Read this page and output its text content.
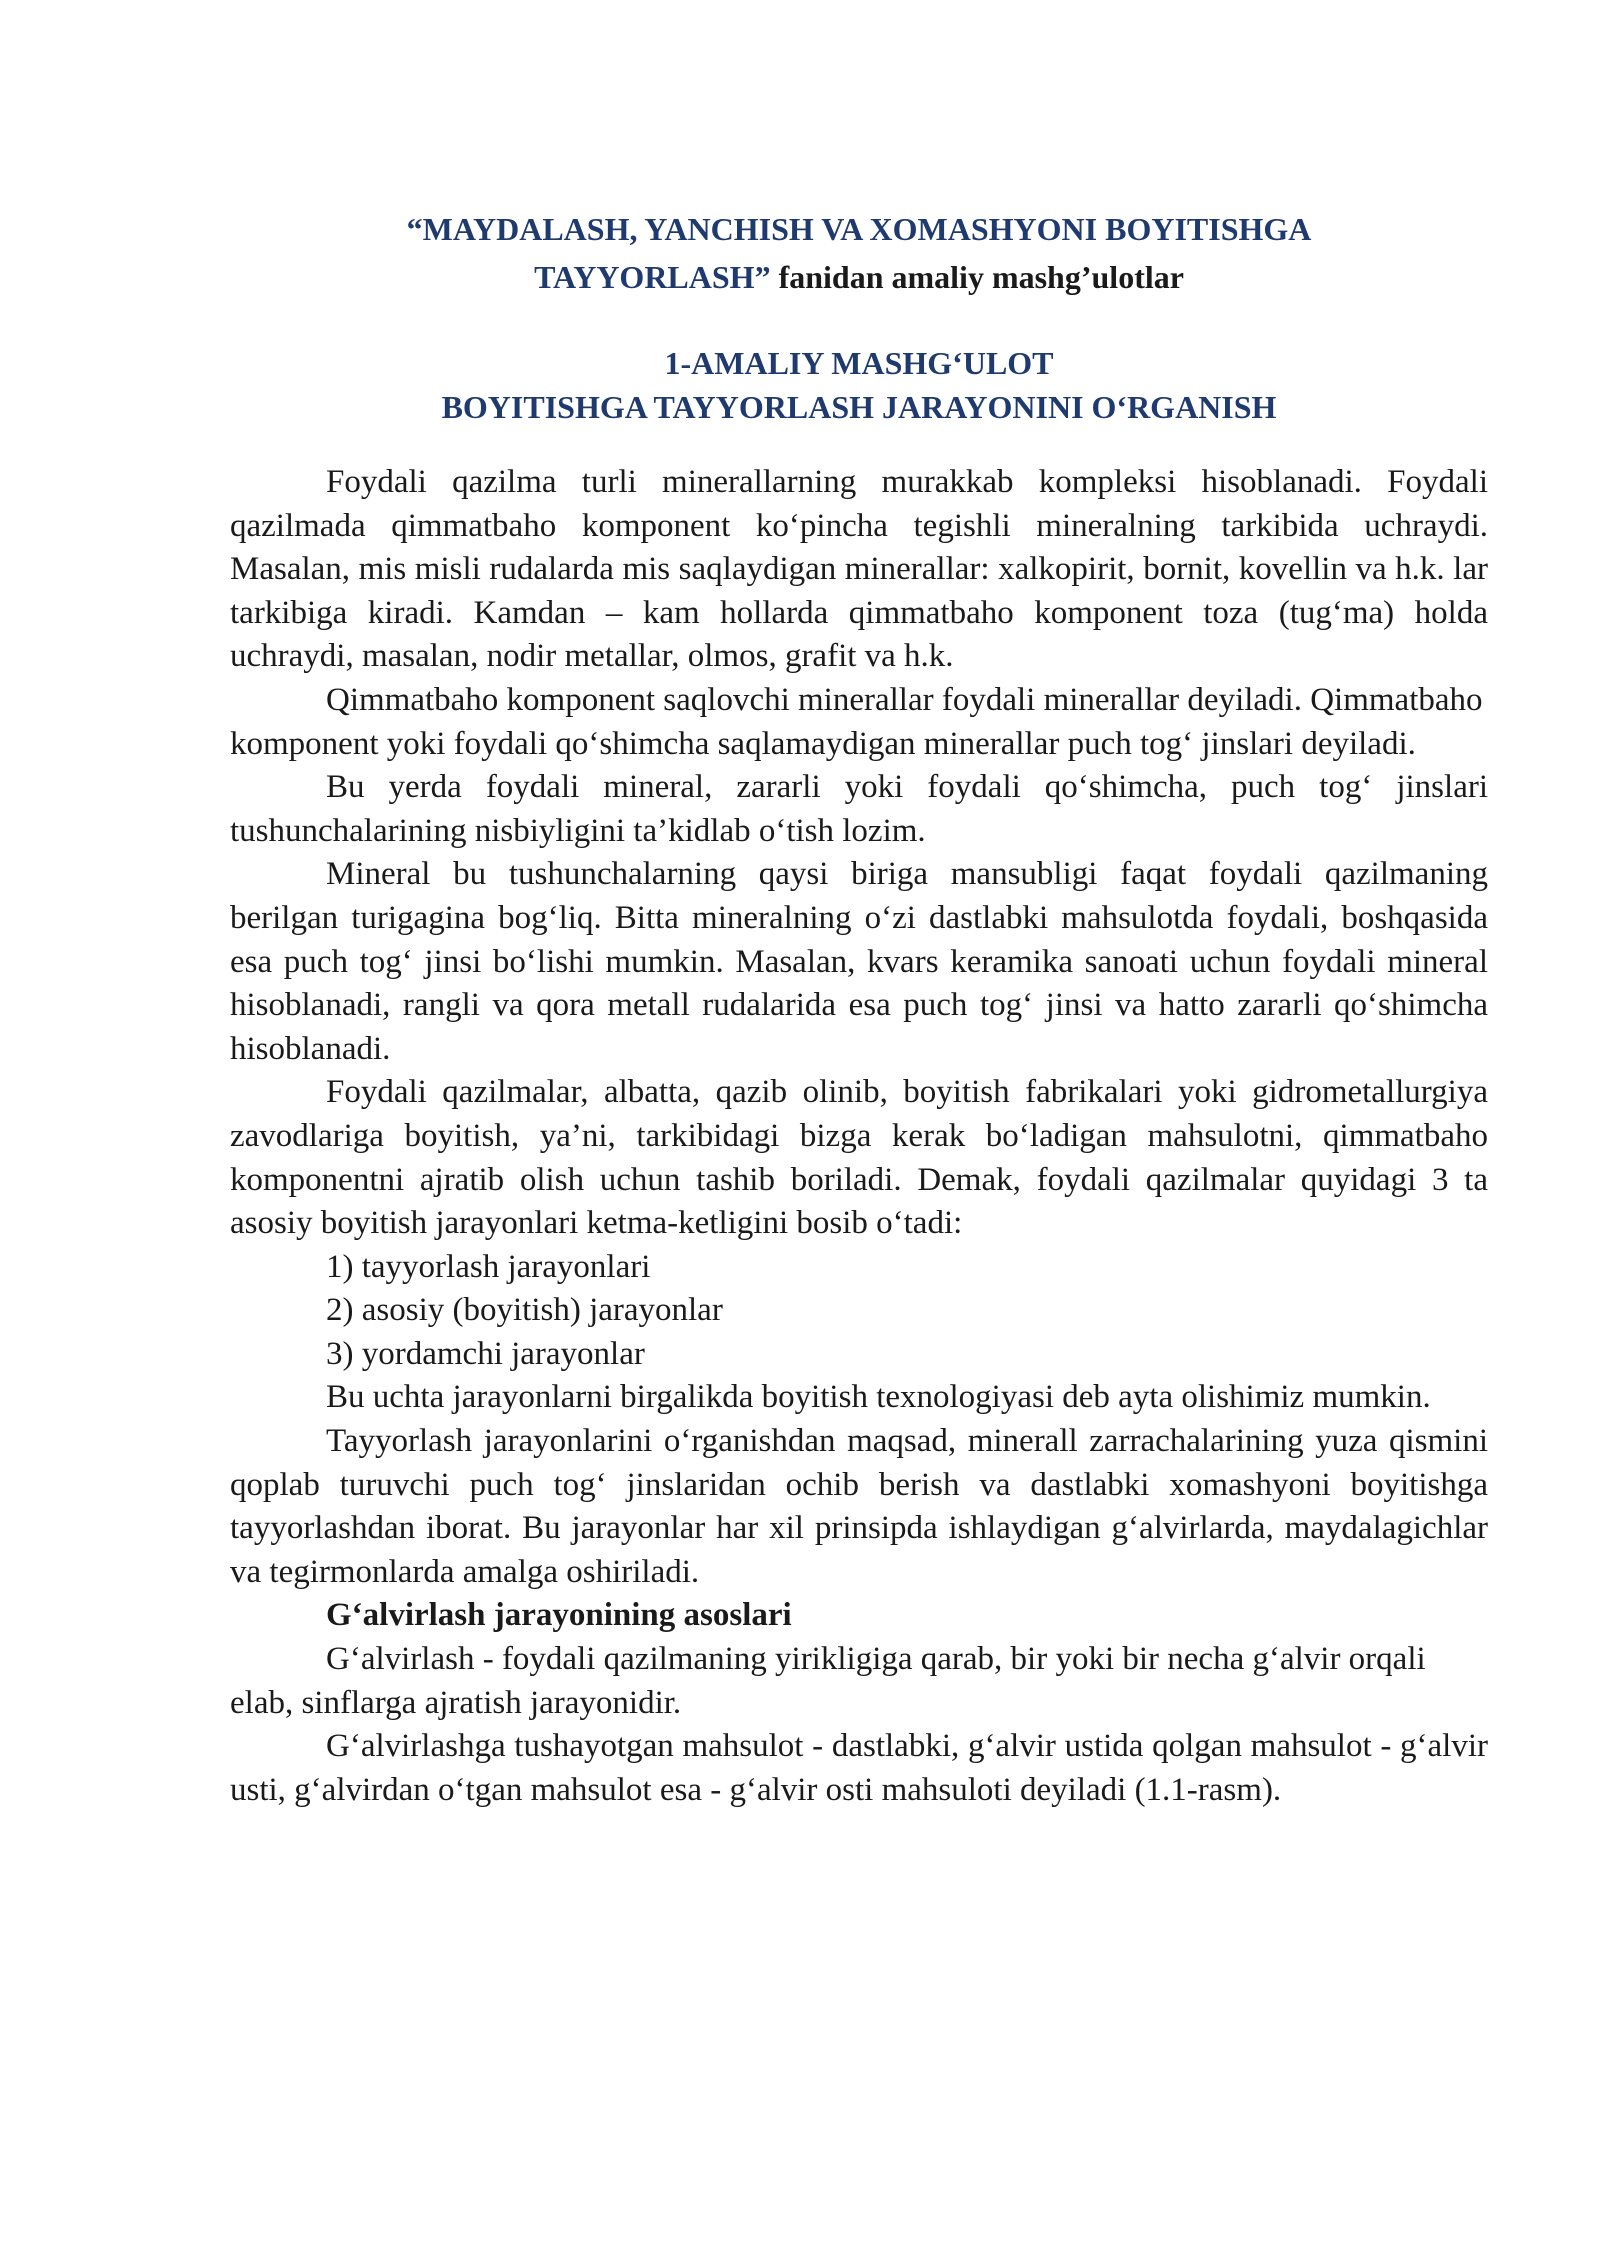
“MAYDALASH, YANCHISH VA XOMASHYONI BOYITISHGA

TAYYORLASH” fanidan amaliy mashg’ulotlar

1-AMALIY MASHG‘ULOT

BOYITISHGA TAYYORLASH JARAYONINI O‘RGANISH

Foydali qazilma turli minerallarning murakkab kompleksi hisoblanadi. Foydali qazilmada qimmatbaho komponent ko‘pincha tegishli mineralning tarkibida uchraydi. Masalan, mis misli rudalarda mis saqlaydigan minerallar: xalkopirit, bornit, kovellin va h.k. lar tarkibiga kiradi. Kamdan – kam hollarda qimmatbaho komponent toza (tug‘ma) holda uchraydi, masalan, nodir metallar, olmos, grafit va h.k.

Qimmatbaho komponent saqlovchi minerallar foydali minerallar deyiladi. Qimmatbaho komponent yoki foydali qo‘shimcha saqlamaydigan minerallar puch tog‘ jinslari deyiladi.

Bu yerda foydali mineral, zararli yoki foydali qo‘shimcha, puch tog‘ jinslari tushunchalarining nisbiyligini ta’kidlab o‘tish lozim.

Mineral bu tushunchalarning qaysi biriga mansubligi faqat foydali qazilmaning berilgan turigagina bog‘liq. Bitta mineralning o‘zi dastlabki mahsulotda foydali, boshqasida esa puch tog‘ jinsi bo‘lishi mumkin. Masalan, kvars keramika sanoati uchun foydali mineral hisoblanadi, rangli va qora metall rudalarida esa puch tog‘ jinsi va hatto zararli qo‘shimcha hisoblanadi.

Foydali qazilmalar, albatta, qazib olinib, boyitish fabrikalari yoki gidrometallurgiya zavodlariga boyitish, ya’ni, tarkibidagi bizga kerak bo‘ladigan mahsulotni, qimmatbaho komponentni ajratib olish uchun tashib boriladi. Demak, foydali qazilmalar quyidagi 3 ta asosiy boyitish jarayonlari ketma-ketligini bosib o‘tadi:

1) tayyorlash jarayonlari

2) asosiy (boyitish) jarayonlar

3) yordamchi jarayonlar

Bu uchta jarayonlarni birgalikda boyitish texnologiyasi deb ayta olishimiz mumkin.

Tayyorlash jarayonlarini o‘rganishdan maqsad, minerall zarrachalarining yuza qismini qoplab turuvchi puch tog‘ jinslaridan ochib berish va dastlabki xomashyoni boyitishga tayyorlashdan iborat. Bu jarayonlar har xil prinsipda ishlaydigan g‘alvirlarda, maydalagichlar va tegirmonlarda amalga oshiriladi.

G‘alvirlash jarayonining asoslari

G‘alvirlash - foydali qazilmaning yirikligiga qarab, bir yoki bir necha g‘alvir orqali elab, sinflarga ajratish jarayonidir.

G‘alvirlashga tushayotgan mahsulot - dastlabki, g‘alvir ustida qolgan mahsulot - g‘alvir usti, g‘alvirdan o‘tgan mahsulot esa - g‘alvir osti mahsuloti deyiladi (1.1-rasm).
